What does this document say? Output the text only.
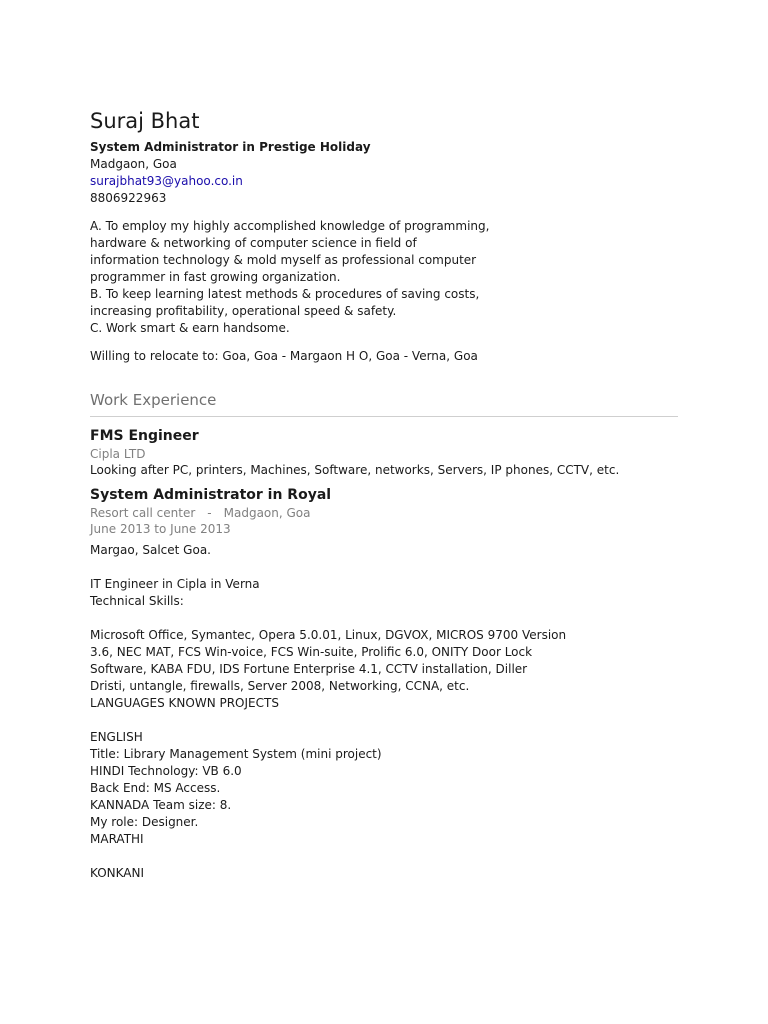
Suraj Bhat
System Administrator in Prestige Holiday
Madgaon, Goa
surajbhat93@yahoo.co.in
8806922963
A. To employ my highly accomplished knowledge of programming,
hardware & networking of computer science in field of
information technology & mold myself as professional computer
programmer in fast growing organization.
B. To keep learning latest methods & procedures of saving costs,
increasing profitability, operational speed & safety.
C. Work smart & earn handsome.
Willing to relocate to: Goa, Goa - Margaon H O, Goa - Verna, Goa
Work Experience
FMS Engineer
Cipla LTD
Looking after PC, printers, Machines, Software, networks, Servers, IP phones, CCTV, etc.
System Administrator in Royal
Resort call center - Madgaon, Goa
June 2013 to June 2013
Margao, Salcet Goa.
IT Engineer in Cipla in Verna
Technical Skills:
Microsoft Office, Symantec, Opera 5.0.01, Linux, DGVOX, MICROS 9700 Version
3.6, NEC MAT, FCS Win-voice, FCS Win-suite, Prolific 6.0, ONITY Door Lock
Software, KABA FDU, IDS Fortune Enterprise 4.1, CCTV installation, Diller
Dristi, untangle, firewalls, Server 2008, Networking, CCNA, etc.
LANGUAGES KNOWN PROJECTS
ENGLISH
Title: Library Management System (mini project)
HINDI Technology: VB 6.0
Back End: MS Access.
KANNADA Team size: 8.
My role: Designer.
MARATHI
KONKANI
